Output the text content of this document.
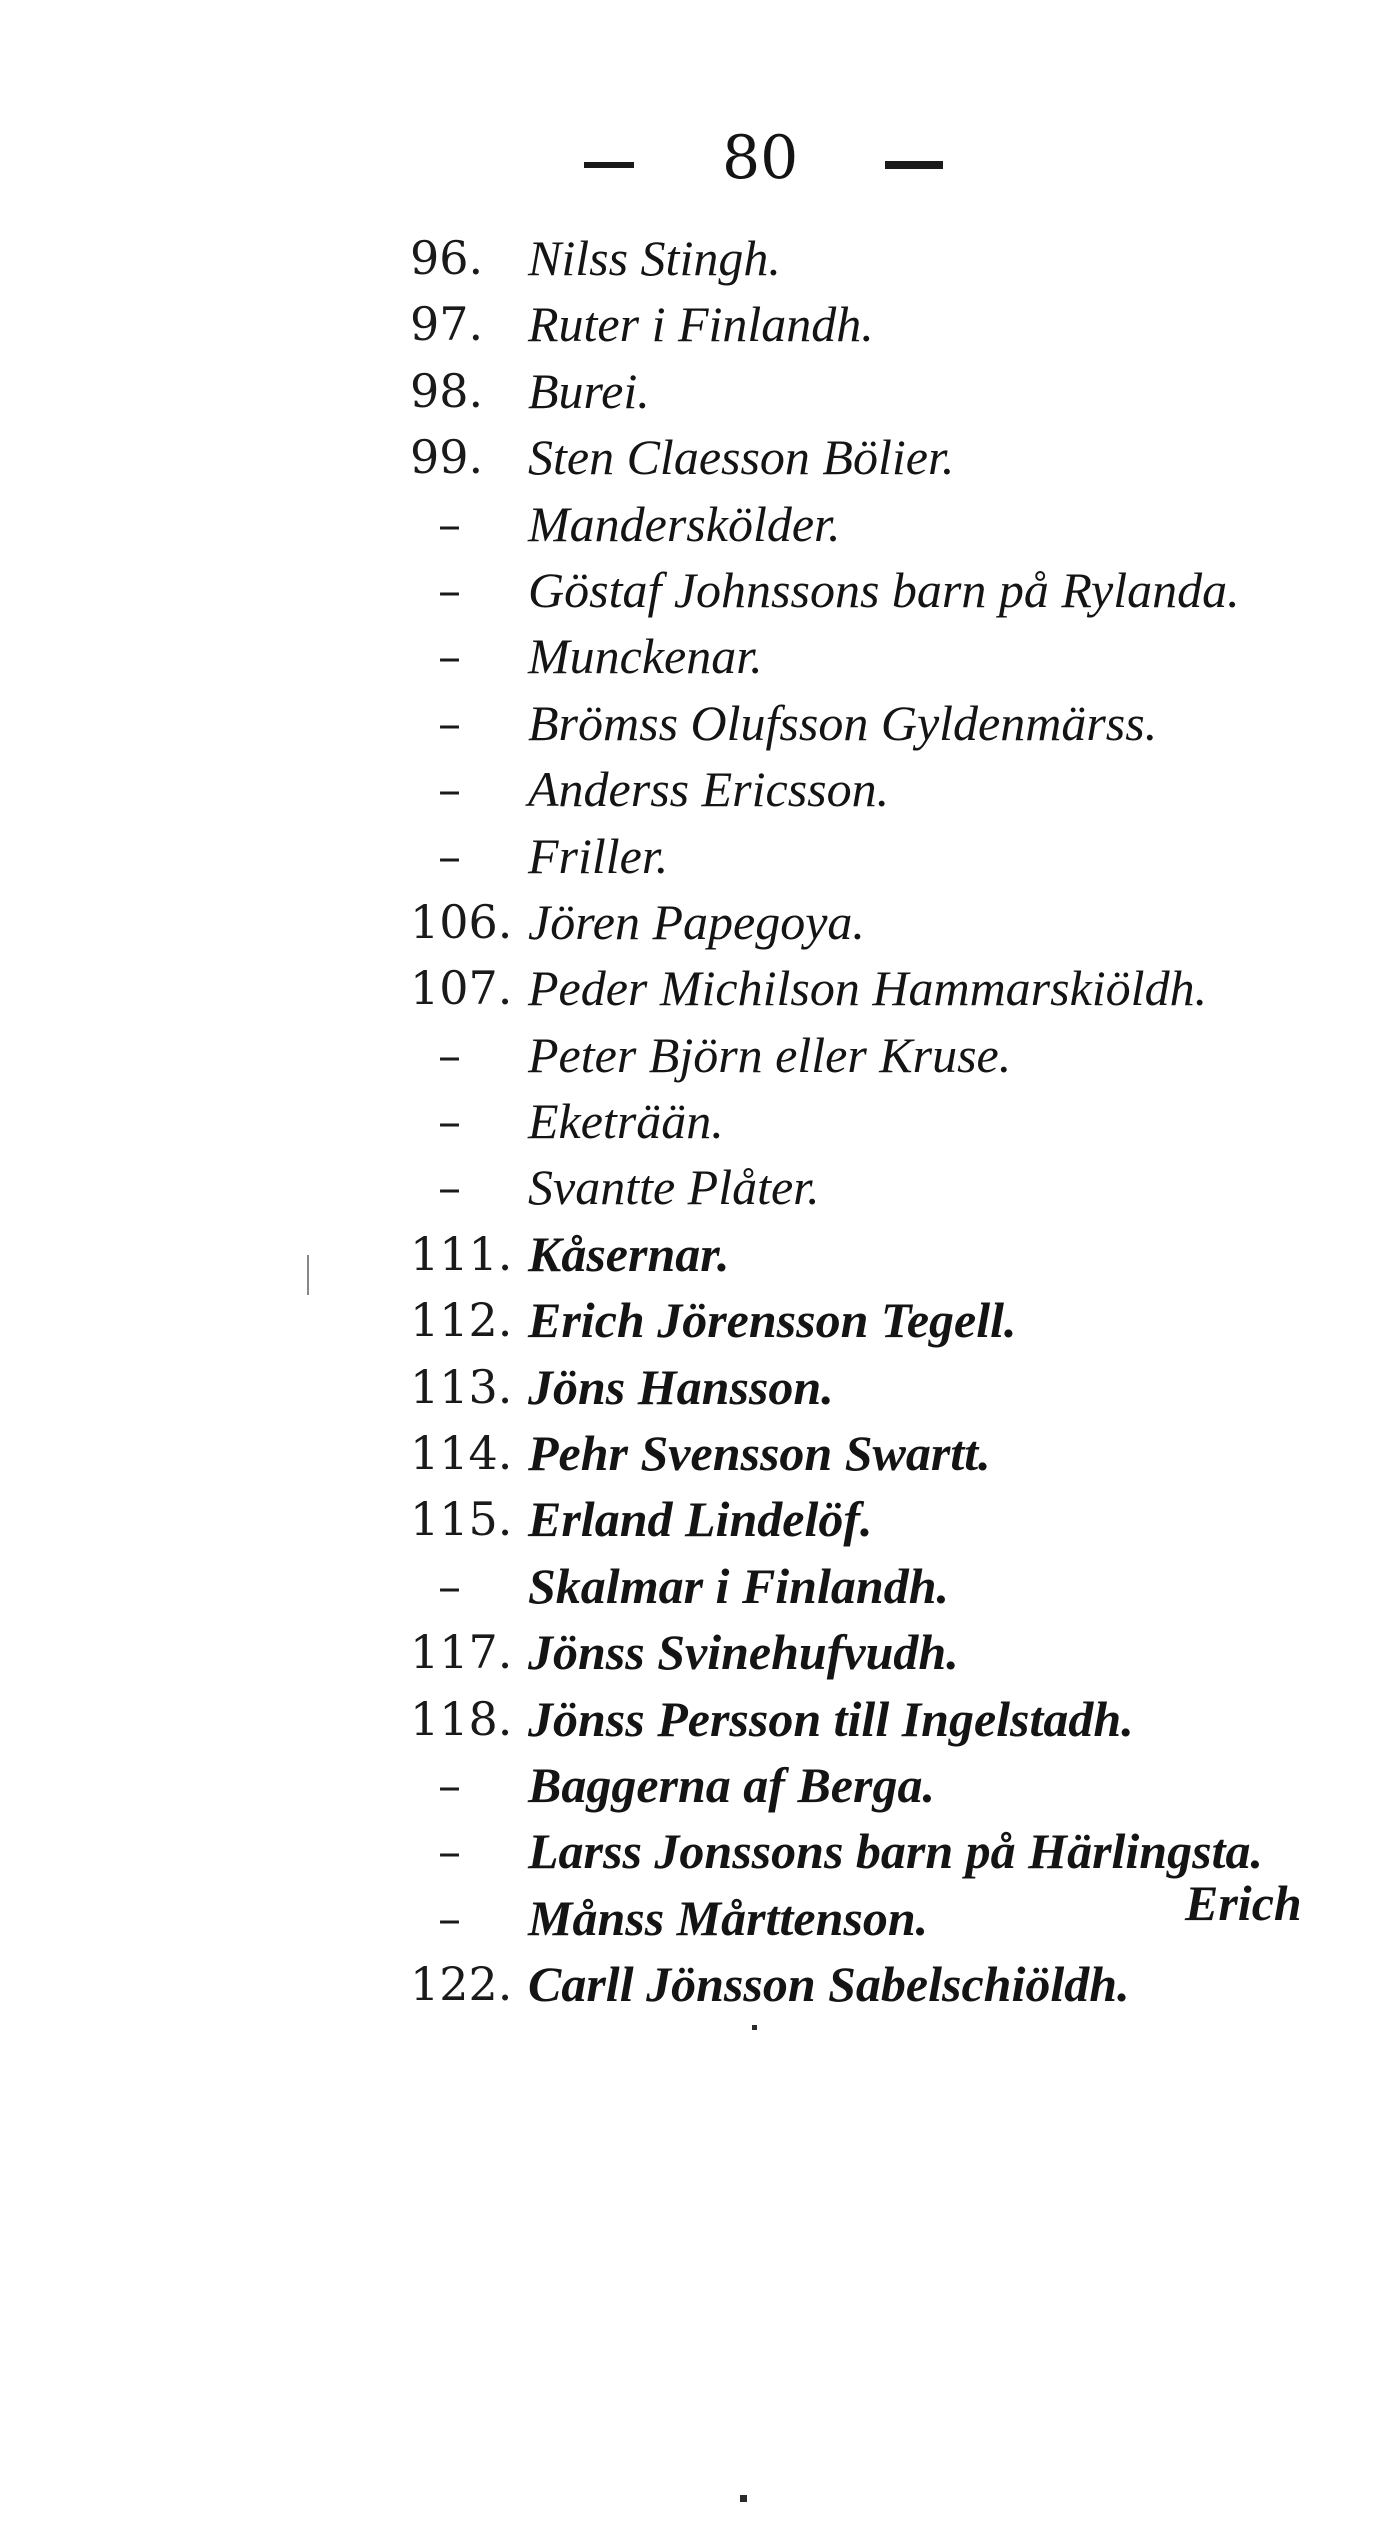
80
96. Nilss Stingh.
97. Ruter i Finlandh.
98. Burei.
99. Sten Claesson Bölier.
–	Manderskölder.
–	Göstaf Johnssons barn på Rylanda.
–	Munckenar.
–	Brömss Olufsson Gyldenmärss.
–	Anderss Ericsson.
–	Friller.
106. Jören Papegoya.
107. Peder Michilson Hammarskiöldh.
–	Peter Björn eller Kruse.
–	Eketrään.
–	Svantte Plåter.
111. Kåsernar.
112. Erich Jörensson Tegell.
113. Jöns Hansson.
114. Pehr Svensson Swartt.
115. Erland Lindelöf.
–	Skalmar i Finlandh.
117. Jönss Svinehufvudh.
118. Jönss Persson till Ingelstadh.
–	Baggerna af Berga.
–	Larss Jonssons barn på Härlingsta.
–	Månss Mårttenson.
122. Carll Jönsson Sabelschiöldh.
Erich
